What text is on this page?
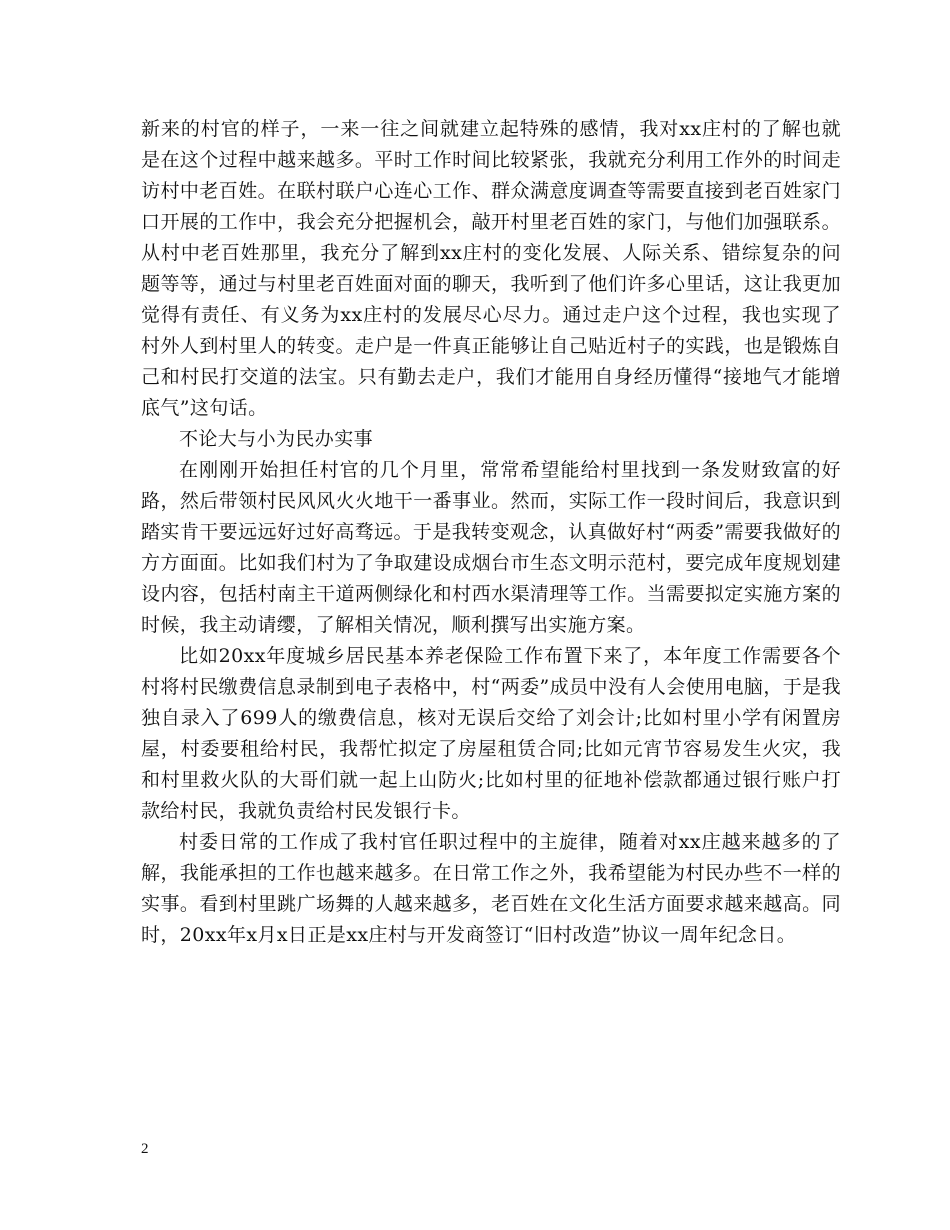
新来的村官的样子，一来一往之间就建立起特殊的感情，我对xx庄村的了解也就是在这个过程中越来越多。平时工作时间比较紧张，我就充分利用工作外的时间走访村中老百姓。在联村联户心连心工作、群众满意度调查等需要直接到老百姓家门口开展的工作中，我会充分把握机会，敲开村里老百姓的家门，与他们加强联系。从村中老百姓那里，我充分了解到xx庄村的变化发展、人际关系、错综复杂的问题等等，通过与村里老百姓面对面的聊天，我听到了他们许多心里话，这让我更加觉得有责任、有义务为xx庄村的发展尽心尽力。通过走户这个过程，我也实现了村外人到村里人的转变。走户是一件真正能够让自己贴近村子的实践，也是锻炼自己和村民打交道的法宝。只有勤去走户，我们才能用自身经历懂得“接地气才能增底气”这句话。

不论大与小为民办实事

在刚刚开始担任村官的几个月里，常常希望能给村里找到一条发财致富的好路，然后带领村民风风火火地干一番事业。然而，实际工作一段时间后，我意识到踏实肯干要远远好过好高骛远。于是我转变观念，认真做好村“两委”需要我做好的方方面面。比如我们村为了争取建设成烟台市生态文明示范村，要完成年度规划建设内容，包括村南主干道两侧绿化和村西水渠清理等工作。当需要拟定实施方案的时候，我主动请缨，了解相关情况，顺利撰写出实施方案。

比如20xx年度城乡居民基本养老保险工作布置下来了，本年度工作需要各个村将村民缴费信息录制到电子表格中，村“两委”成员中没有人会使用电脑，于是我独自录入了699人的缴费信息，核对无误后交给了刘会计;比如村里小学有闲置房屋，村委要租给村民，我帮忙拟定了房屋租赁合同;比如元宵节容易发生火灾，我和村里救火队的大哥们就一起上山防火;比如村里的征地补偿款都通过银行账户打款给村民，我就负责给村民发银行卡。

村委日常的工作成了我村官任职过程中的主旋律，随着对xx庄越来越多的了解，我能承担的工作也越来越多。在日常工作之外，我希望能为村民办些不一样的实事。看到村里跳广场舞的人越来越多，老百姓在文化生活方面要求越来越高。同时，20xx年x月x日正是xx庄村与开发商签订“旧村改造”协议一周年纪念日。

2
